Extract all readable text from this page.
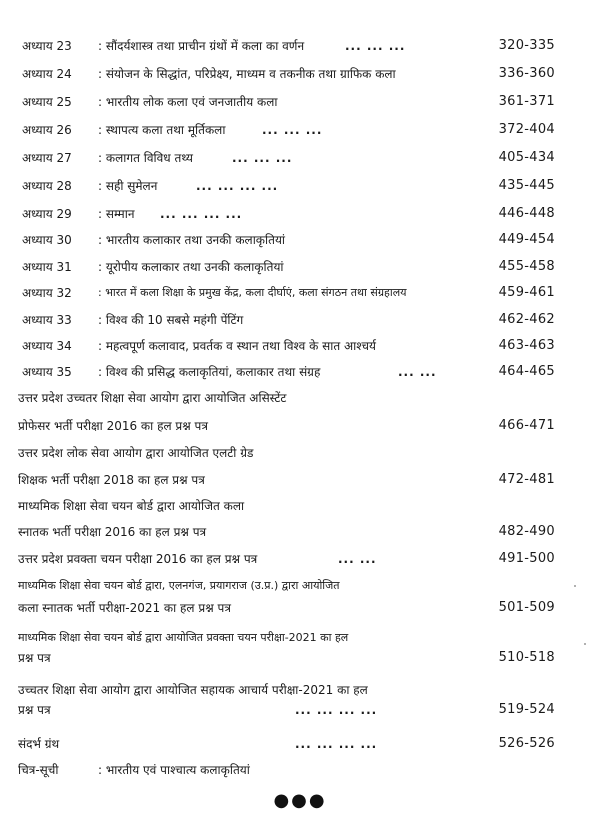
अध्याय 23	: सौंदर्यशास्त्र तथा प्राचीन ग्रंथों में कला का वर्णन	... ... ...	320-335
अध्याय 24	: संयोजन के सिद्धांत, परिप्रेक्ष्य, माध्यम व तकनीक तथा ग्राफिक कला	336-360
अध्याय 25	: भारतीय लोक कला एवं जनजातीय कला	361-371
अध्याय 26	: स्थापत्य कला तथा मूर्तिकला	... ... ...	372-404
अध्याय 27	: कलागत विविध तथ्य	... ... ...	405-434
अध्याय 28	: सही सुमेलन	... ... ... ...	435-445
अध्याय 29	: सम्मान ... ... ... ...	446-448
अध्याय 30	: भारतीय कलाकार तथा उनकी कलाकृतियां	449-454
अध्याय 31	: यूरोपीय कलाकार तथा उनकी कलाकृतियां	455-458
अध्याय 32	: भारत में कला शिक्षा के प्रमुख केंद्र, कला दीर्घाएं, कला संगठन तथा संग्रहालय	459-461
अध्याय 33	: विश्व की 10 सबसे महंगी पेंटिंग	462-462
अध्याय 34	: महत्वपूर्ण कलावाद, प्रवर्तक व स्थान तथा विश्व के सात आश्चर्य	463-463
अध्याय 35	: विश्व की प्रसिद्ध कलाकृतियां, कलाकार तथा संग्रह	... ...	464-465
उत्तर प्रदेश उच्चतर शिक्षा सेवा आयोग द्वारा आयोजित असिस्टेंट
प्रोफेसर भर्ती परीक्षा 2016 का हल प्रश्न पत्र	466-471
उत्तर प्रदेश लोक सेवा आयोग द्वारा आयोजित एलटी ग्रेड
शिक्षक भर्ती परीक्षा 2018 का हल प्रश्न पत्र	472-481
माध्यमिक शिक्षा सेवा चयन बोर्ड द्वारा आयोजित कला
स्नातक भर्ती परीक्षा 2016 का हल प्रश्न पत्र	482-490
उत्तर प्रदेश प्रवक्ता चयन परीक्षा 2016 का हल प्रश्न पत्र	... ...	491-500
माध्यमिक शिक्षा सेवा चयन बोर्ड द्वारा, एलनगंज, प्रयागराज (उ.प्र.) द्वारा आयोजित
कला स्नातक भर्ती परीक्षा-2021 का हल प्रश्न पत्र	501-509
माध्यमिक शिक्षा सेवा चयन बोर्ड द्वारा आयोजित प्रवक्ता चयन परीक्षा-2021 का हल
प्रश्न पत्र	510-518
उच्चतर शिक्षा सेवा आयोग द्वारा आयोजित सहायक आचार्य परीक्षा-2021 का हल
प्रश्न पत्र	... ... ... ...	519-524
संदर्भ ग्रंथ	... ... ... ...	526-526
चित्र-सूची	: भारतीय एवं पाश्चात्य कलाकृतियां
●●●
